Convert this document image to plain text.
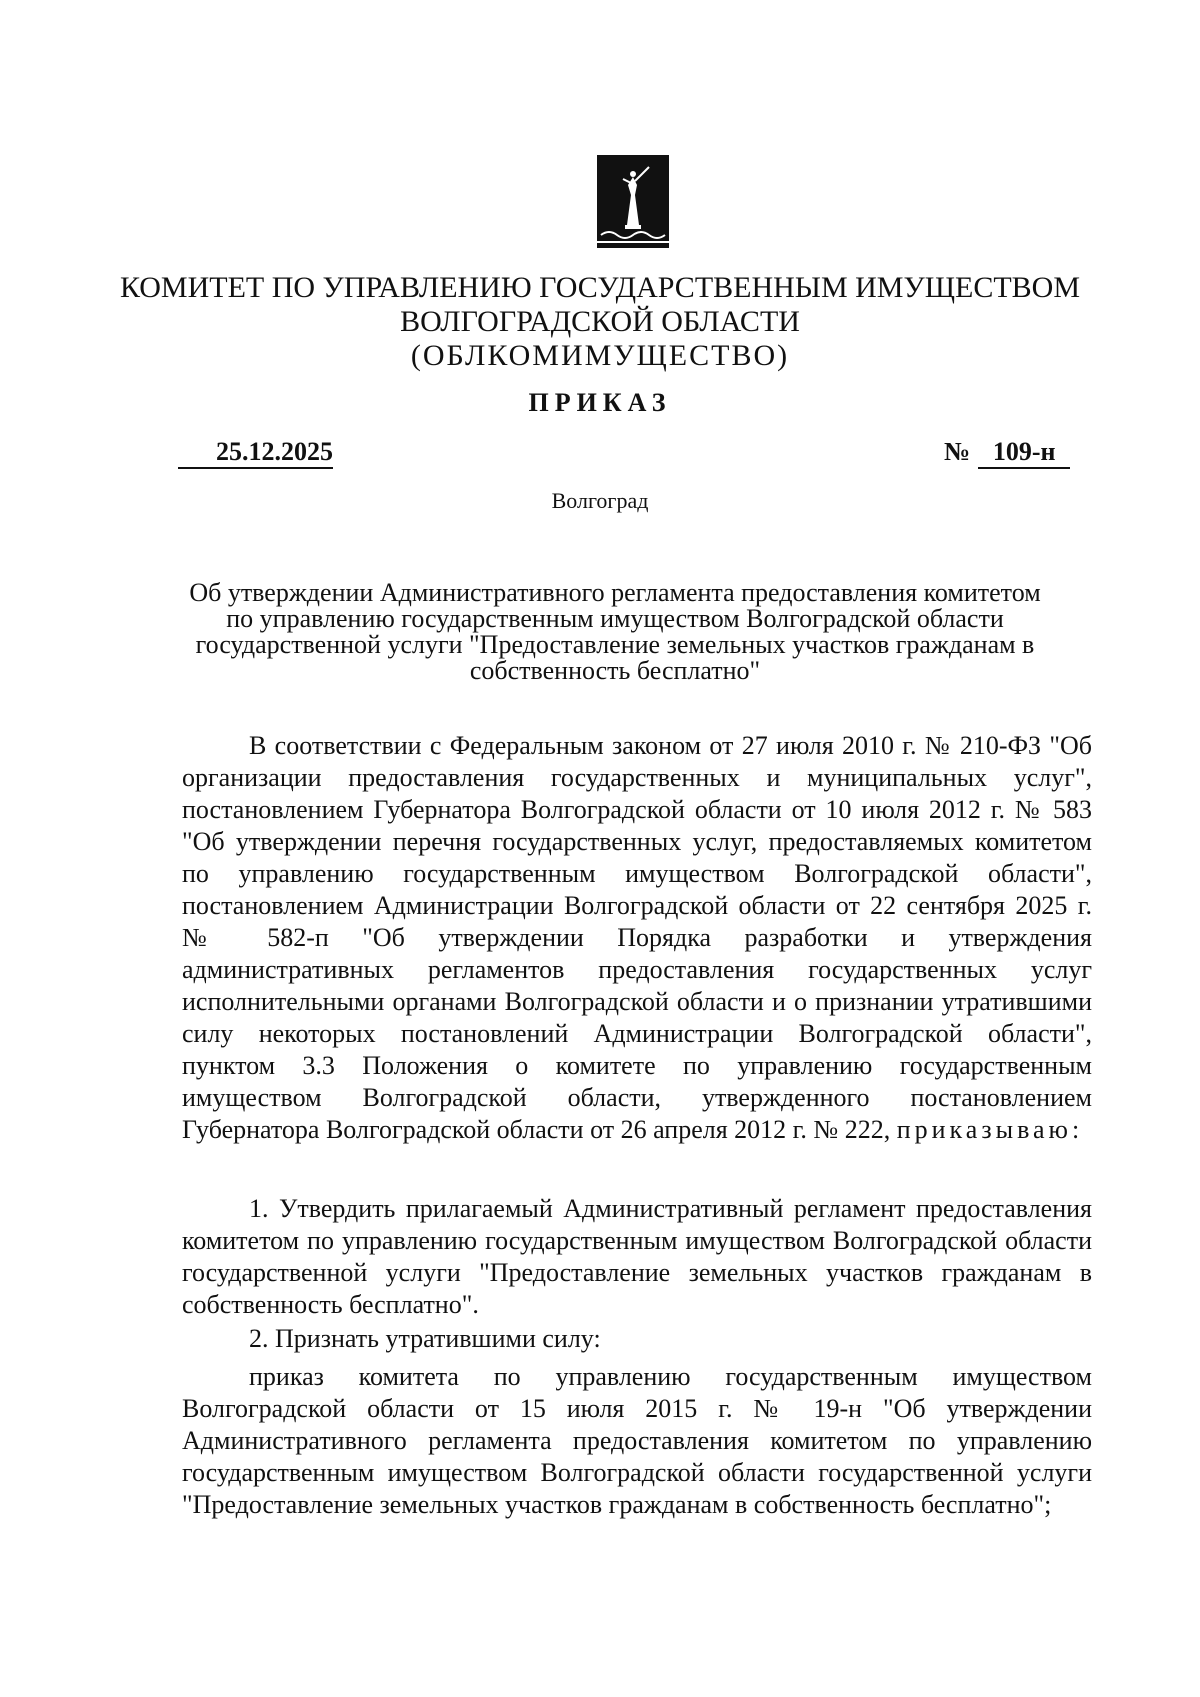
КОМИТЕТ ПО УПРАВЛЕНИЮ ГОСУДАРСТВЕННЫМ ИМУЩЕСТВОМ
ВОЛГОГРАДСКОЙ ОБЛАСТИ
(ОБЛКОМИМУЩЕСТВО)
ПРИКАЗ
25.12.2025	№ 109-н
Волгоград
Об утверждении Административного регламента предоставления комитетом по управлению государственным имуществом Волгоградской области государственной услуги "Предоставление земельных участков гражданам в собственность бесплатно"
В соответствии с Федеральным законом от 27 июля 2010 г. № 210-ФЗ "Об организации предоставления государственных и муниципальных услуг", постановлением Губернатора Волгоградской области от 10 июля 2012 г. № 583 "Об утверждении перечня государственных услуг, предоставляемых комитетом по управлению государственным имуществом Волгоградской области", постановлением Администрации Волгоградской области от 22 сентября 2025 г. № 582-п "Об утверждении Порядка разработки и утверждения административных регламентов предоставления государственных услуг исполнительными органами Волгоградской области и о признании утратившими силу некоторых постановлений Администрации Волгоградской области", пунктом 3.3 Положения о комитете по управлению государственным имуществом Волгоградской области, утвержденного постановлением Губернатора Волгоградской области от 26 апреля 2012 г. № 222, приказываю:
1. Утвердить прилагаемый Административный регламент предоставления комитетом по управлению государственным имуществом Волгоградской области государственной услуги "Предоставление земельных участков гражданам в собственность бесплатно".
2. Признать утратившими силу:
приказ комитета по управлению государственным имуществом Волгоградской области от 15 июля 2015 г. № 19-н "Об утверждении Административного регламента предоставления комитетом по управлению государственным имуществом Волгоградской области государственной услуги "Предоставление земельных участков гражданам в собственность бесплатно";
